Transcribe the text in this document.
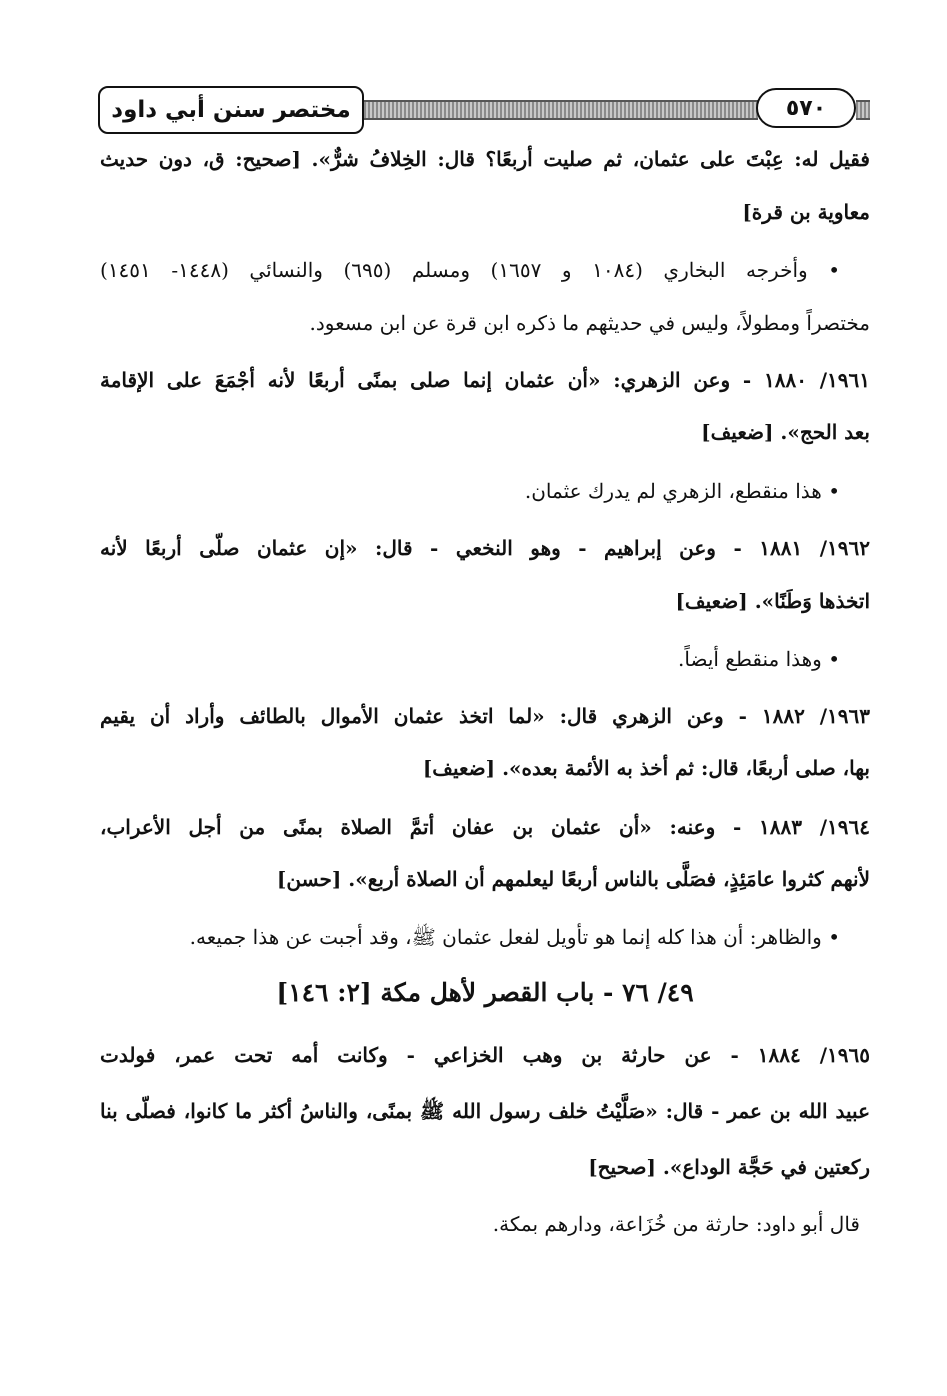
مختصر سنن أبي داود	٥٧٠
فقيل له: عِبْتَ على عثمان، ثم صليت أربعًا؟ قال: الخِلافُ شرٌّ». [صحيح: ق، دون حديث
معاوية بن قرة]
• وأخرجه البخاري (١٠٨٤ و ١٦٥٧) ومسلم (٦٩٥) والنسائي (١٤٤٨- ١٤٥١)
مختصراً ومطولاً، وليس في حديثهم ما ذكره ابن قرة عن ابن مسعود.
١٩٦١/ ١٨٨٠ - وعن الزهري: «أن عثمان إنما صلى بمنًى أربعًا لأنه أجْمَعَ على الإقامة
بعد الحج». [ضعيف]
• هذا منقطع، الزهري لم يدرك عثمان.
١٩٦٢/ ١٨٨١ - وعن إبراهيم - وهو النخعي - قال: «إن عثمان صلّى أربعًا لأنه
اتخذها وَطَنًا». [ضعيف]
• وهذا منقطع أيضاً.
١٩٦٣/ ١٨٨٢ - وعن الزهري قال: «لما اتخذ عثمان الأموال بالطائف وأراد أن يقيم
بها، صلى أربعًا، قال: ثم أخذ به الأئمة بعده». [ضعيف]
١٩٦٤/ ١٨٨٣ - وعنه: «أن عثمان بن عفان أتمَّ الصلاة بمنًى من أجل الأعراب،
لأنهم كثروا عامَئِذٍ، فصَلَّى بالناس أربعًا ليعلمهم أن الصلاة أربع». [حسن]
• والظاهر: أن هذا كله إنما هو تأويل لفعل عثمان ﷺ، وقد أجبت عن هذا جميعه.
٤٩/ ٧٦ - باب القصر لأهل مكة [٢: ١٤٦]
١٩٦٥/ ١٨٨٤ - عن حارثة بن وهب الخزاعي - وكانت أمه تحت عمر، فولدت
عبيد الله بن عمر - قال: «صَلَّيْتُ خلف رسول الله ﷺ بمنًى، والناسُ أكثر ما كانوا، فصلّى بنا
ركعتين في حَجَّة الوداع». [صحيح]
قال أبو داود: حارثة من خُزَاعة، ودارهم بمكة.
